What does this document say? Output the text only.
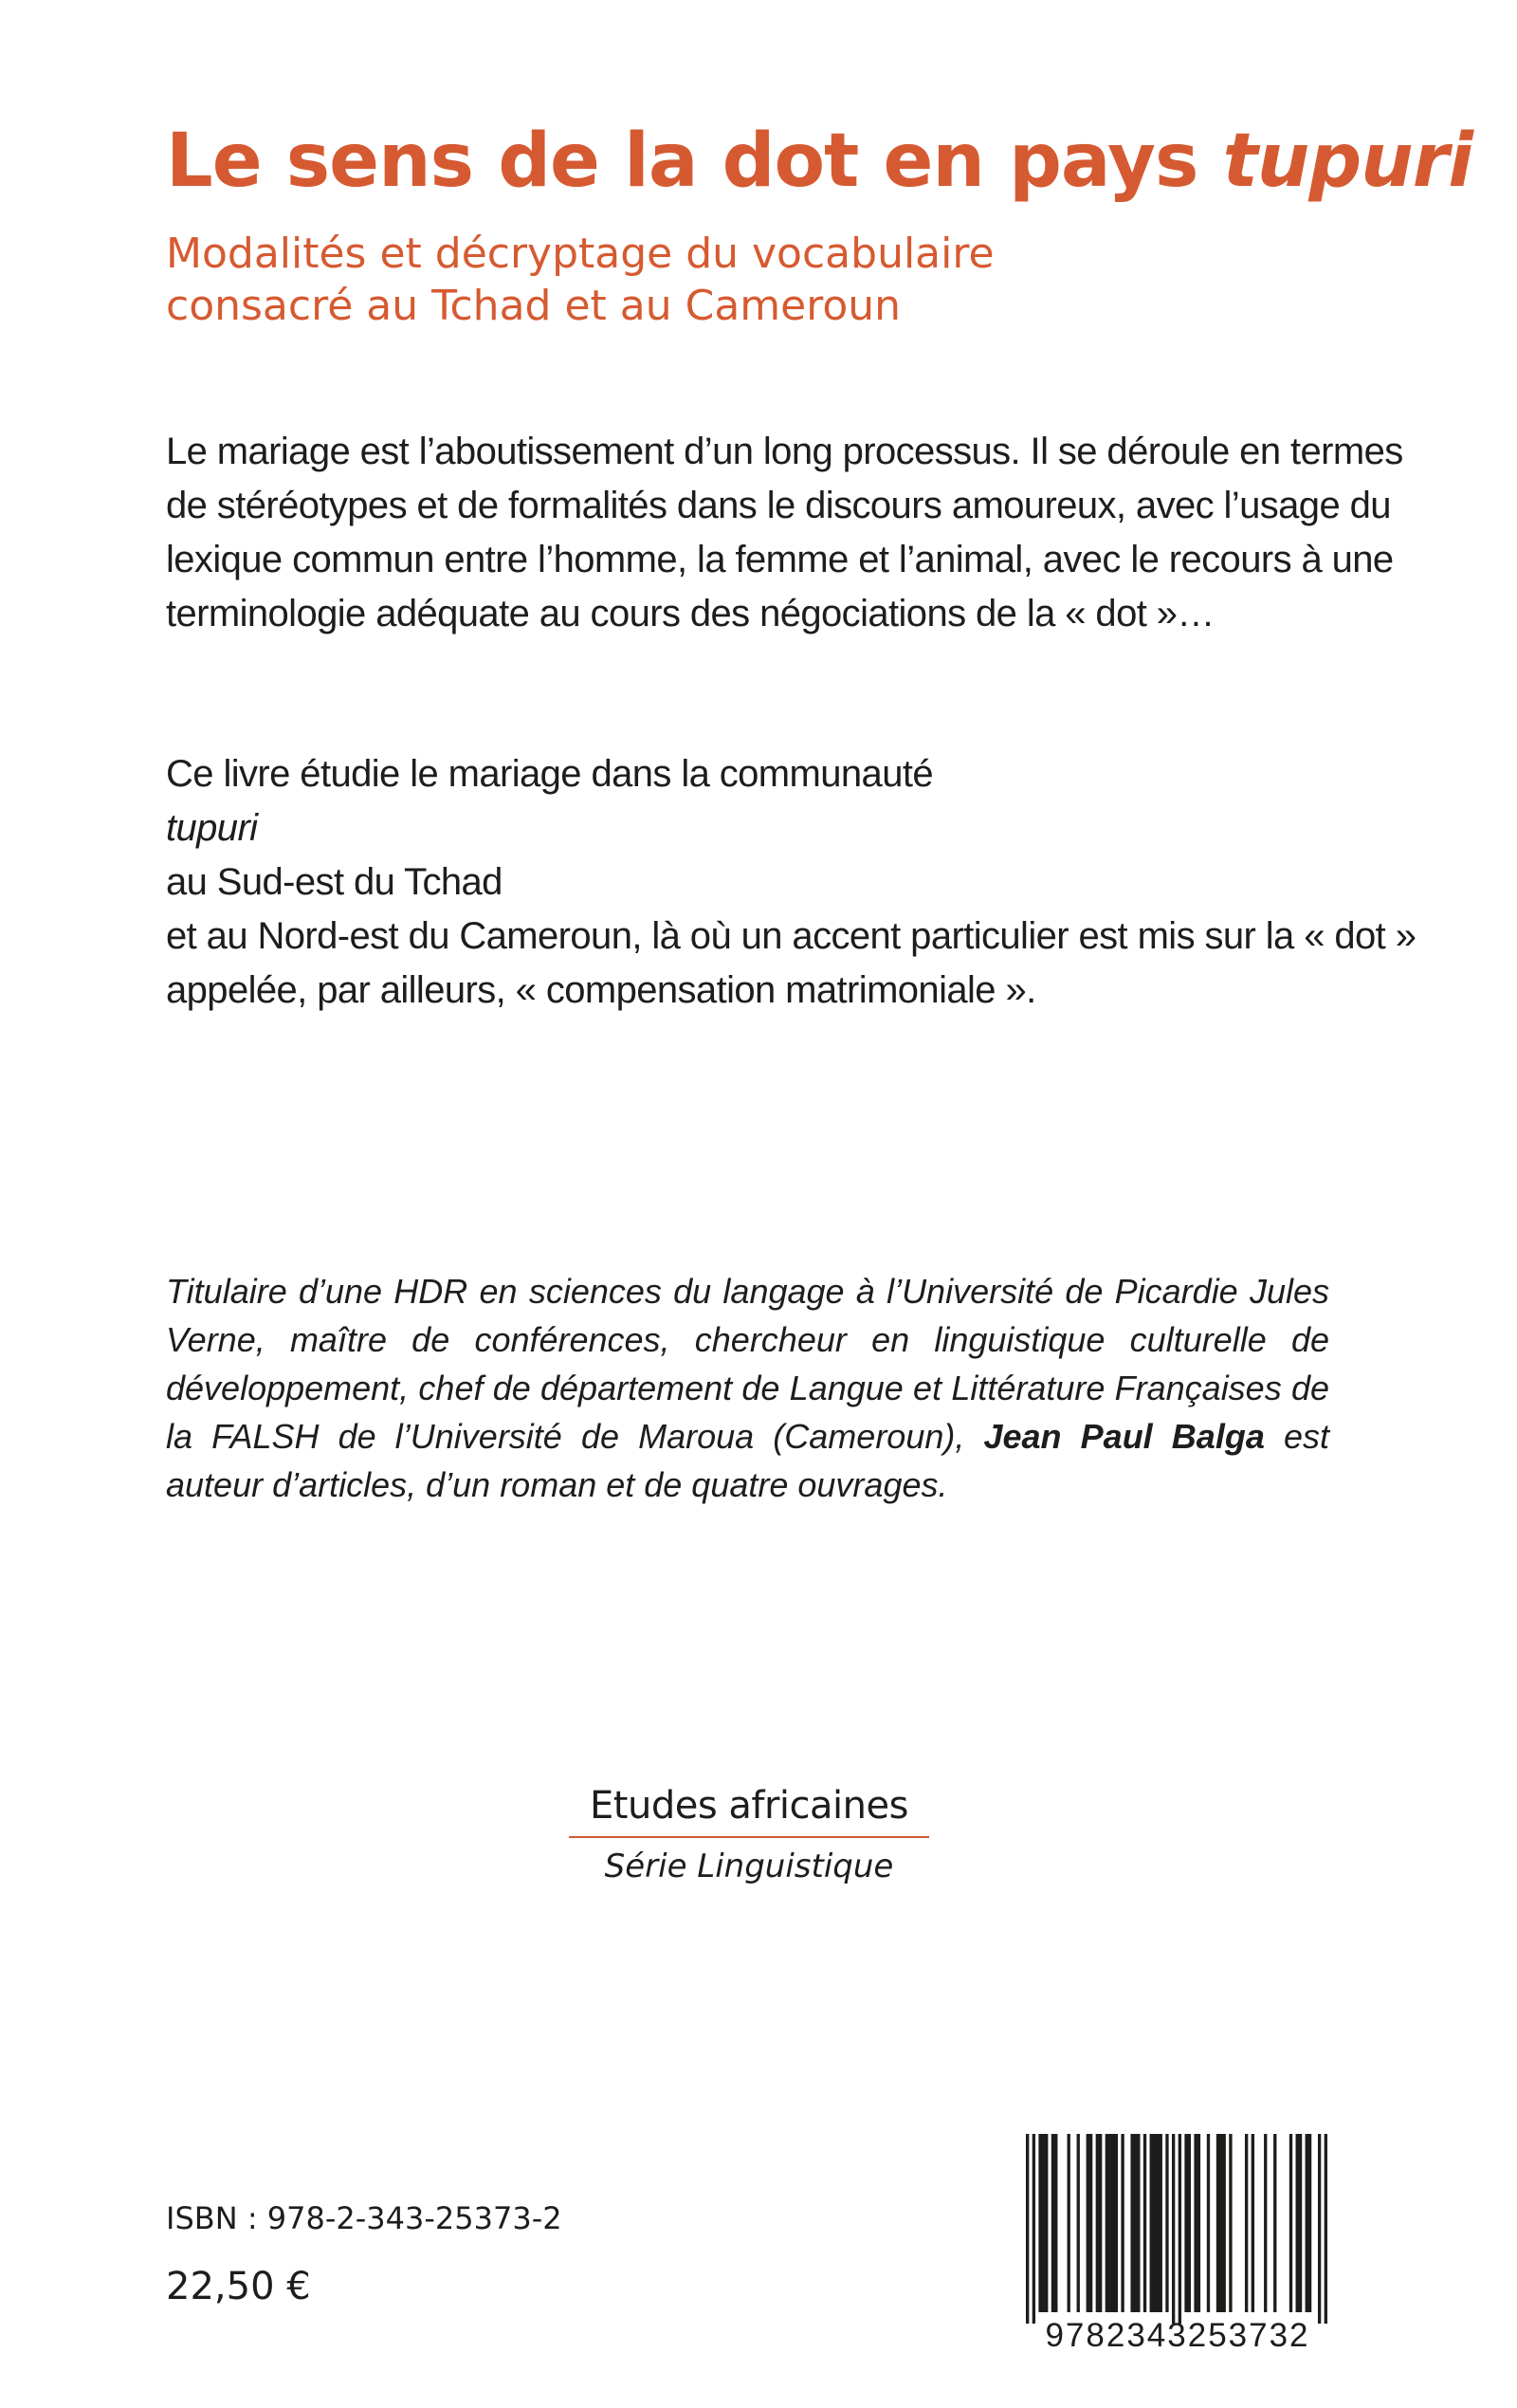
Le sens de la dot en pays tupuri
Modalités et décryptage du vocabulaire
consacré au Tchad et au Cameroun

Le mariage est l’aboutissement d’un long processus. Il se déroule en termes
de stéréotypes et de formalités dans le discours amoureux, avec l’usage du
lexique commun entre l’homme, la femme et l’animal, avec le recours à une
terminologie adéquate au cours des négociations de la « dot »…

Ce livre étudie le mariage dans la communauté
tupuri
au Sud-est du Tchad
et au Nord-est du Cameroun, là où un accent particulier est mis sur la « dot »
appelée, par ailleurs, « compensation matrimoniale ».

Titulaire d’une HDR en sciences du langage à l’Université de Picardie Jules Verne, maître de conférences, chercheur en linguistique culturelle de développement, chef de département de Langue et Littérature Françaises de la FALSH de l’Université de Maroua (Cameroun), Jean Paul Balga est auteur d’articles, d’un roman et de quatre ouvrages.

Etudes africaines
Série Linguistique
ISBN : 978-2-343-25373-2
22,50 €
9782343253732
